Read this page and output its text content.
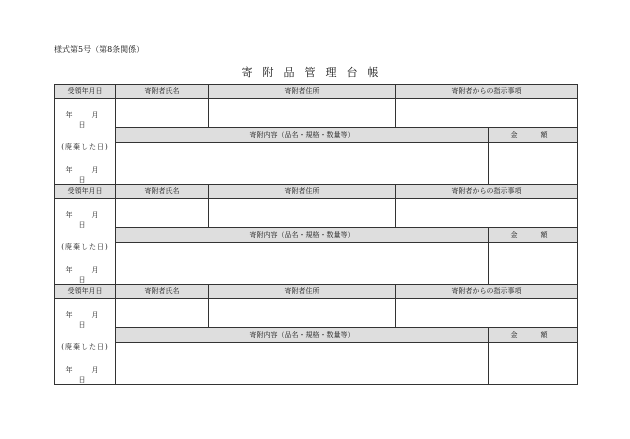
様式第5号（第8条関係）
寄附品管理台帳
受領年月日	寄附者氏名	寄附者住所	寄附者からの指示事項	

年　月　日
(廃棄した日)
年　月　日				

	寄附内容（品名・規格・数量等）			金　額

受領年月日	寄附者氏名	寄附者住所	寄附者からの指示事項	

年　月　日
(廃棄した日)
年　月　日				

	寄附内容（品名・規格・数量等）			金　額

受領年月日	寄附者氏名	寄附者住所	寄附者からの指示事項	

年　月　日
(廃棄した日)
年　月　日				

	寄附内容（品名・規格・数量等）			金　額
